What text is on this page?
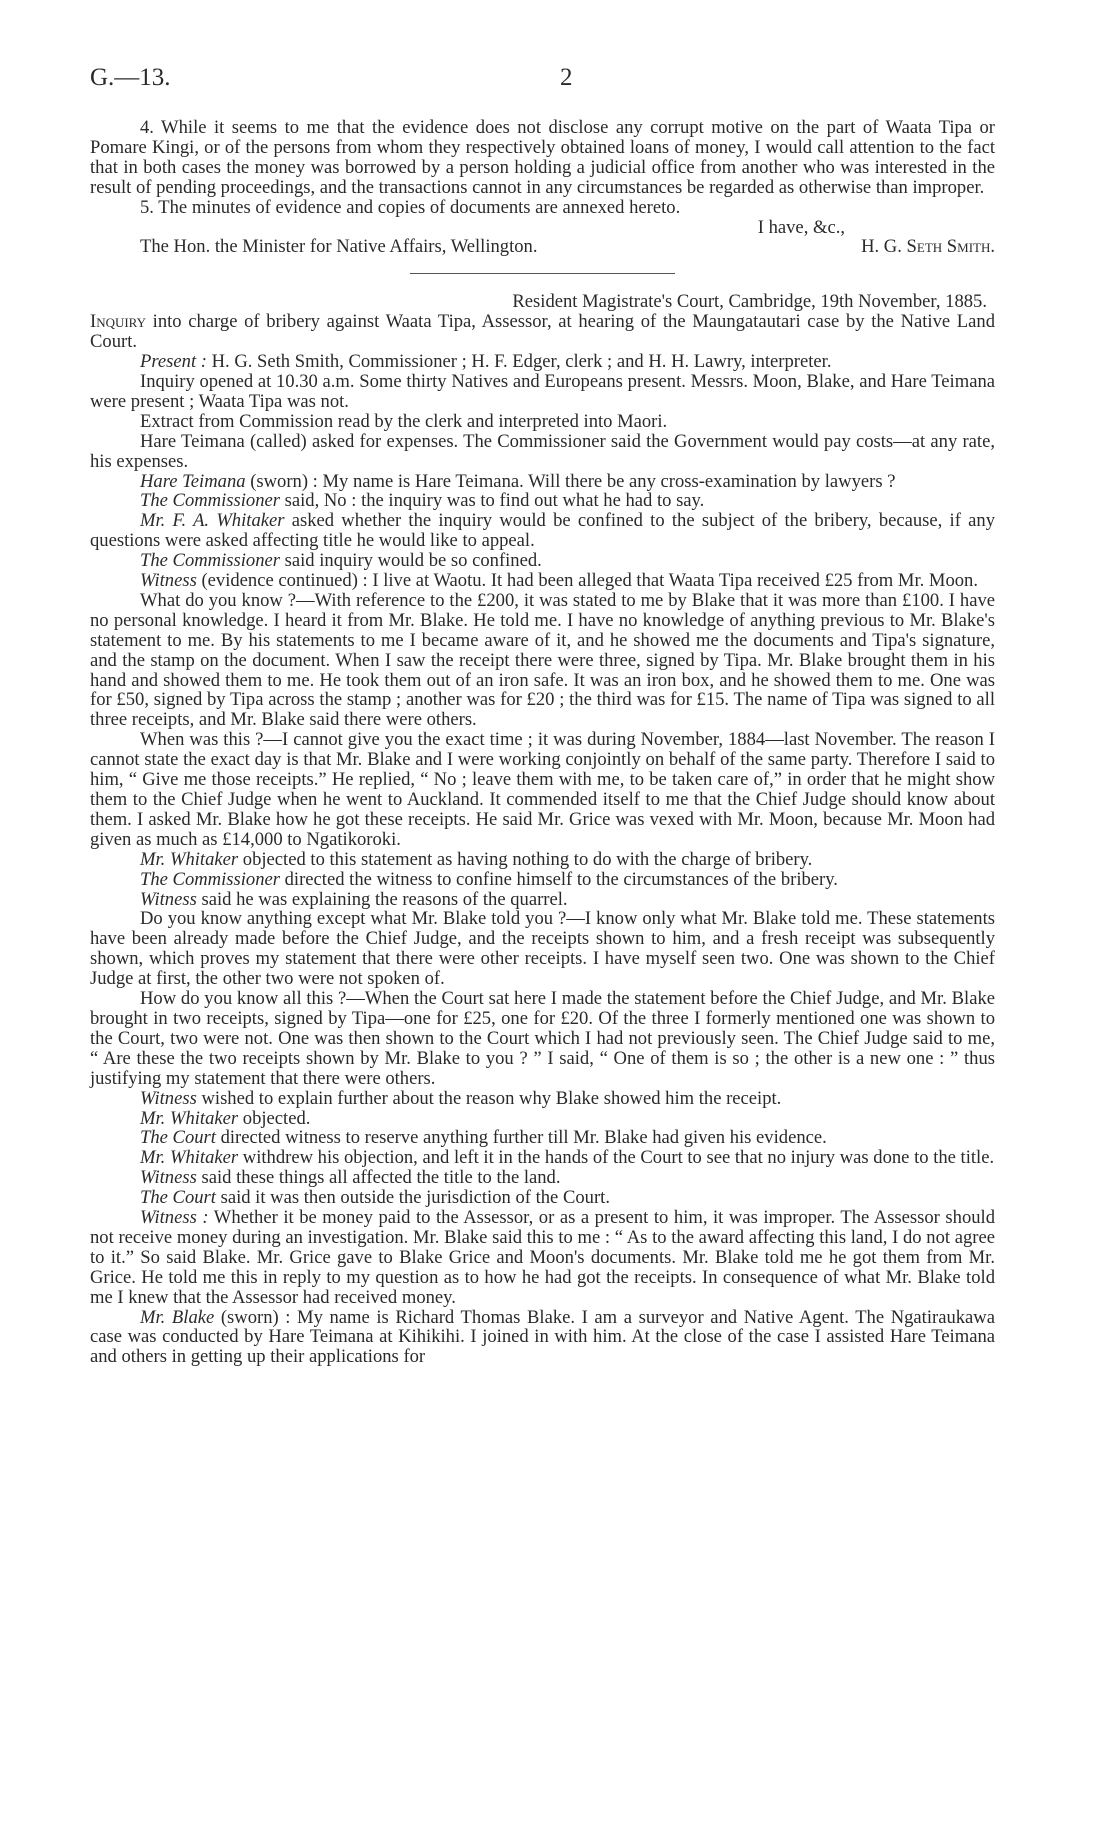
G.—13.	2

4. While it seems to me that the evidence does not disclose any corrupt motive on the part of Waata Tipa or Pomare Kingi, or of the persons from whom they respectively obtained loans of money, I would call attention to the fact that in both cases the money was borrowed by a person holding a judicial office from another who was interested in the result of pending proceedings, and the transactions cannot in any circumstances be regarded as otherwise than improper.

5. The minutes of evidence and copies of documents are annexed hereto.

I have, &c.,

The Hon. the Minister for Native Affairs, Wellington.	H. G. Seth Smith.

Resident Magistrate's Court, Cambridge, 19th November, 1885.

Inquiry into charge of bribery against Waata Tipa, Assessor, at hearing of the Maungatautari case by the Native Land Court.

Present : H. G. Seth Smith, Commissioner ; H. F. Edger, clerk ; and H. H. Lawry, interpreter.

Inquiry opened at 10.30 a.m. Some thirty Natives and Europeans present. Messrs. Moon, Blake, and Hare Teimana were present ; Waata Tipa was not.

Extract from Commission read by the clerk and interpreted into Maori.

Hare Teimana (called) asked for expenses. The Commissioner said the Government would pay costs—at any rate, his expenses.

Hare Teimana (sworn) : My name is Hare Teimana. Will there be any cross-examination by lawyers ?

The Commissioner said, No : the inquiry was to find out what he had to say.

Mr. F. A. Whitaker asked whether the inquiry would be confined to the subject of the bribery, because, if any questions were asked affecting title he would like to appeal.

The Commissioner said inquiry would be so confined.

Witness (evidence continued) : I live at Waotu. It had been alleged that Waata Tipa received £25 from Mr. Moon.

What do you know ?—With reference to the £200, it was stated to me by Blake that it was more than £100. I have no personal knowledge. I heard it from Mr. Blake. He told me. I have no knowledge of anything previous to Mr. Blake's statement to me. By his statements to me I became aware of it, and he showed me the documents and Tipa's signature, and the stamp on the document. When I saw the receipt there were three, signed by Tipa. Mr. Blake brought them in his hand and showed them to me. He took them out of an iron safe. It was an iron box, and he showed them to me. One was for £50, signed by Tipa across the stamp ; another was for £20 ; the third was for £15. The name of Tipa was signed to all three receipts, and Mr. Blake said there were others.

When was this ?—I cannot give you the exact time ; it was during November, 1884—last November. The reason I cannot state the exact day is that Mr. Blake and I were working conjointly on behalf of the same party. Therefore I said to him, “ Give me those receipts.” He replied, “ No ; leave them with me, to be taken care of,” in order that he might show them to the Chief Judge when he went to Auckland. It commended itself to me that the Chief Judge should know about them. I asked Mr. Blake how he got these receipts. He said Mr. Grice was vexed with Mr. Moon, because Mr. Moon had given as much as £14,000 to Ngatikoroki.

Mr. Whitaker objected to this statement as having nothing to do with the charge of bribery.

The Commissioner directed the witness to confine himself to the circumstances of the bribery.

Witness said he was explaining the reasons of the quarrel.

Do you know anything except what Mr. Blake told you ?—I know only what Mr. Blake told me. These statements have been already made before the Chief Judge, and the receipts shown to him, and a fresh receipt was subsequently shown, which proves my statement that there were other receipts. I have myself seen two. One was shown to the Chief Judge at first, the other two were not spoken of.

How do you know all this ?—When the Court sat here I made the statement before the Chief Judge, and Mr. Blake brought in two receipts, signed by Tipa—one for £25, one for £20. Of the three I formerly mentioned one was shown to the Court, two were not. One was then shown to the Court which I had not previously seen. The Chief Judge said to me, “ Are these the two receipts shown by Mr. Blake to you ? ” I said, “ One of them is so ; the other is a new one : ” thus justifying my statement that there were others.

Witness wished to explain further about the reason why Blake showed him the receipt.

Mr. Whitaker objected.

The Court directed witness to reserve anything further till Mr. Blake had given his evidence.

Mr. Whitaker withdrew his objection, and left it in the hands of the Court to see that no injury was done to the title.

Witness said these things all affected the title to the land.

The Court said it was then outside the jurisdiction of the Court.

Witness : Whether it be money paid to the Assessor, or as a present to him, it was improper. The Assessor should not receive money during an investigation. Mr. Blake said this to me : “ As to the award affecting this land, I do not agree to it.” So said Blake. Mr. Grice gave to Blake Grice and Moon's documents. Mr. Blake told me he got them from Mr. Grice. He told me this in reply to my question as to how he had got the receipts. In consequence of what Mr. Blake told me I knew that the Assessor had received money.

Mr. Blake (sworn) : My name is Richard Thomas Blake. I am a surveyor and Native Agent. The Ngatiraukawa case was conducted by Hare Teimana at Kihikihi. I joined in with him. At the close of the case I assisted Hare Teimana and others in getting up their applications for
